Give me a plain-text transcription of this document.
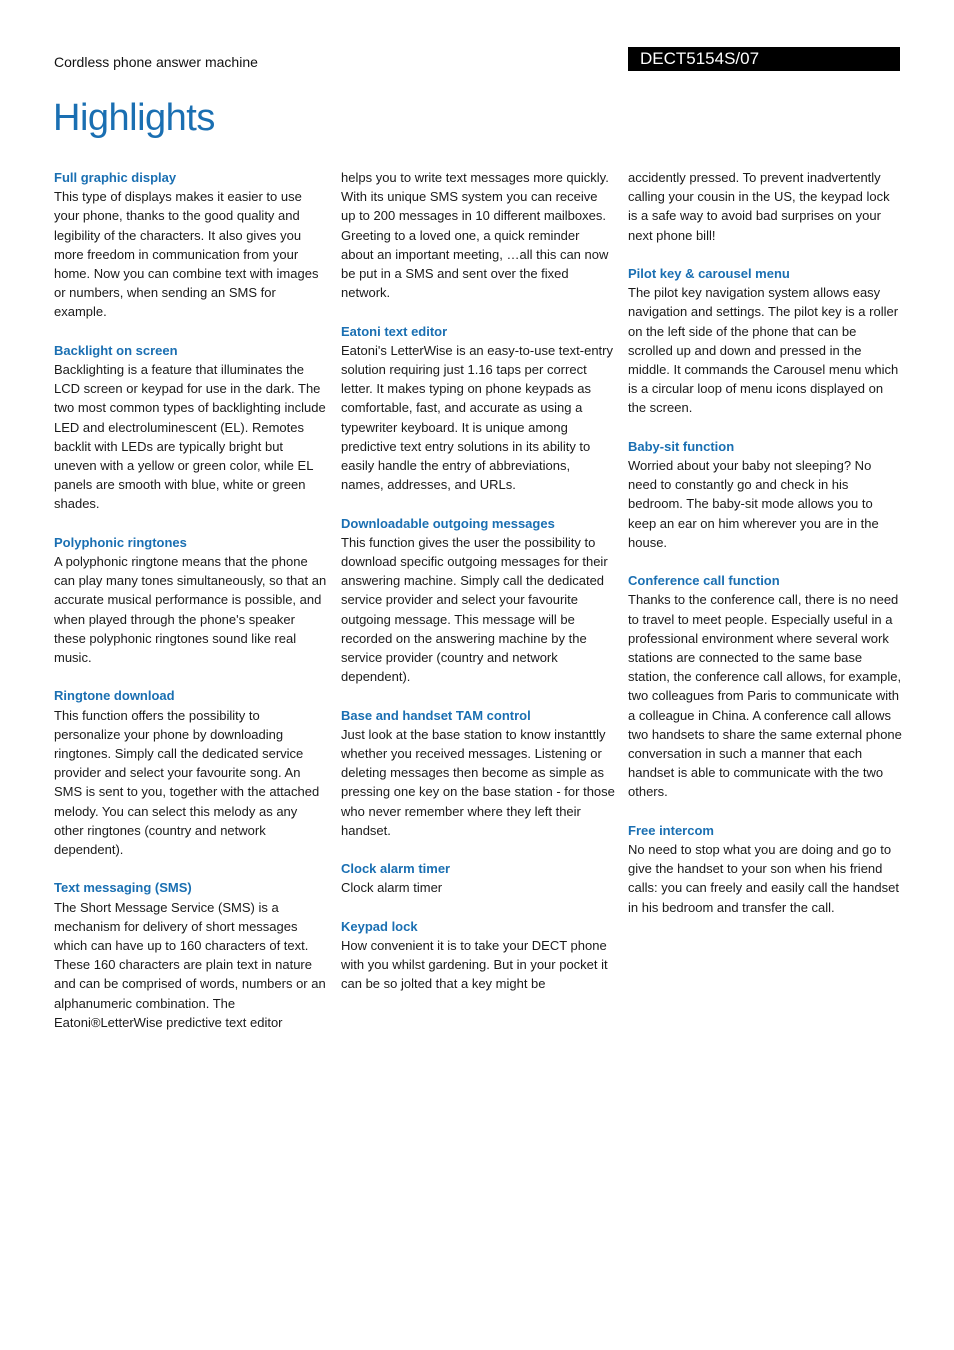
Cordless phone answer machine	DECT5154S/07
Highlights
Full graphic display

This type of displays makes it easier to use your phone, thanks to the good quality and legibility of the characters. It also gives you more freedom in communication from your home. Now you can combine text with images or numbers, when sending an SMS for example.

Backlight on screen

Backlighting is a feature that illuminates the LCD screen or keypad for use in the dark. The two most common types of backlighting include LED and electroluminescent (EL). Remotes backlit with LEDs are typically bright but uneven with a yellow or green color, while EL panels are smooth with blue, white or green shades.

Polyphonic ringtones

A polyphonic ringtone means that the phone can play many tones simultaneously, so that an accurate musical performance is possible, and when played through the phone's speaker these polyphonic ringtones sound like real music.

Ringtone download

This function offers the possibility to personalize your phone by downloading ringtones. Simply call the dedicated service provider and select your favourite song. An SMS is sent to you, together with the attached melody. You can select this melody as any other ringtones (country and network dependent).

Text messaging (SMS)

The Short Message Service (SMS) is a mechanism for delivery of short messages which can have up to 160 characters of text. These 160 characters are plain text in nature and can be comprised of words, numbers or an alphanumeric combination. The Eatoni®LetterWise predictive text editor

helps you to write text messages more quickly. With its unique SMS system you can receive up to 200 messages in 10 different mailboxes. Greeting to a loved one, a quick reminder about an important meeting, …all this can now be put in a SMS and sent over the fixed network.

Eatoni text editor

Eatoni's LetterWise is an easy-to-use text-entry solution requiring just 1.16 taps per correct letter. It makes typing on phone keypads as comfortable, fast, and accurate as using a typewriter keyboard. It is unique among predictive text entry solutions in its ability to easily handle the entry of abbreviations, names, addresses, and URLs.

Downloadable outgoing messages

This function gives the user the possibility to download specific outgoing messages for their answering machine. Simply call the dedicated service provider and select your favourite outgoing message. This message will be recorded on the answering machine by the service provider (country and network dependent).

Base and handset TAM control

Just look at the base station to know instanttly whether you received messages. Listening or deleting messages then become as simple as pressing one key on the base station - for those who never remember where they left their handset.

Clock alarm timer

Clock alarm timer

Keypad lock

How convenient it is to take your DECT phone with you whilst gardening. But in your pocket it can be so jolted that a key might be

accidently pressed. To prevent inadvertently calling your cousin in the US, the keypad lock is a safe way to avoid bad surprises on your next phone bill!

Pilot key & carousel menu

The pilot key navigation system allows easy navigation and settings. The pilot key is a roller on the left side of the phone that can be scrolled up and down and pressed in the middle. It commands the Carousel menu which is a circular loop of menu icons displayed on the screen.

Baby-sit function

Worried about your baby not sleeping? No need to constantly go and check in his bedroom. The baby-sit mode allows you to keep an ear on him wherever you are in the house.

Conference call function

Thanks to the conference call, there is no need to travel to meet people. Especially useful in a professional environment where several work stations are connected to the same base station, the conference call allows, for example, two colleagues from Paris to communicate with a colleague in China. A conference call allows two handsets to share the same external phone conversation in such a manner that each handset is able to communicate with the two others.

Free intercom

No need to stop what you are doing and go to give the handset to your son when his friend calls: you can freely and easily call the handset in his bedroom and transfer the call.
